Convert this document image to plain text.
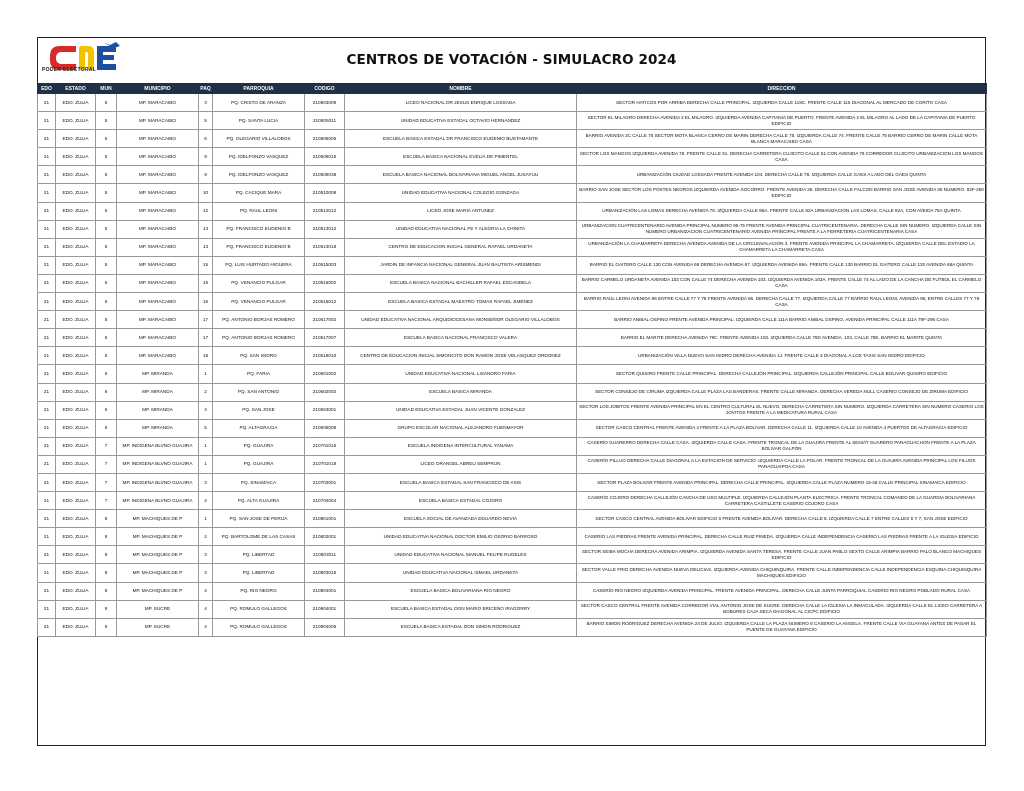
PODER ELECTORAL
CENTROS DE VOTACIÓN - SIMULACRO 2024
EDO	ESTADO	MUN	MUNICIPIO	PAQ	PARROQUIA	CODIGO	NOMBRE	DIRECCION
21	EDO. ZULIA	5	MP. MARACAIBO	3	PQ. CRISTO DE ARANZA	210503009	LICEO NACIONAL DR JESUS ENRIQUE LOSSADA	SECTOR HATICOS POR ARRIBA DERECHA CALLE PRINCIPAL. IZQUIERDA CALLE 119C. FRENTE CALLE 115 DIAGONAL AL MERCADO DE CORITO CASA
21	EDO. ZULIA	5	MP. MARACAIBO	5	PQ. SANTA LUCIA	210505011	UNIDAD EDUCATIVA ESTADAL OCTAVIO HERNANDEZ	SECTOR EL MILAGRO DERECHA AVENIDA 2 EL MILAGRO. IZQUIERDA AVENIDA CAPITANIA DE PUERTO. FRENTE AVENIDA 2 EL MILAGRO AL LADO DE LA CAPITANIA DE PUERTO EDIFICIO
21	EDO. ZULIA	5	MP. MARACAIBO	6	PQ. OLEGARIO VILLALOBOS	210506006	ESCUELA BASICA ESTADAL DR FRANCISCO EUGENIO BUSTAMANTE	BARRIO AVENIDA 2C CALLE 75 SECTOR MOTA BLANCA CERRO DE MARIN DERECHA CALLE 76. IZQUIERDA CALLE 74. FRENTE CALLE 75 BARRIO CERRO DE MARIN CALLE MOTA BLANCA MARACAIBO CASA
21	EDO. ZULIA	5	MP. MARACAIBO	9	PQ. IDELFONZO VASQUEZ	210509015	ESCUELA BASICA NACIONAL EVELIA DE PIMENTEL	SECTOR LOS MANGOS IZQUIERDA AVENIDA 78. FRENTE CALLE 51. DERECHA CARRETERA CUJICITO CALLE 51 CON AVENIDA 78 CORREDOR CUJICITO URBANIZACION LOS MANGOS CASA
21	EDO. ZULIA	5	MP. MARACAIBO	9	PQ. IDELFONZO VASQUEZ	210509038	ESCUELA BASICA NACIONAL BOLIVARIANA MIGUEL ANGEL JUSAYUU	URBANIZACIÓN CIUDAD LOSSADA FRENTE AVENIDA 104. DERECHA CALLE 78. IZQUIERDA CALLE GAES A LADO DEL GAES QUINTA
21	EDO. ZULIA	5	MP. MARACAIBO	10	PQ. CACIQUE MARA	210510008	UNIDAD EDUCATIVA NACIONAL COLEGIO GONZAGA	BARRIO SAN JOSE SECTOR LOS POSTES NEGROS IZQUIERDA AVENIDA SOCORRO. FRENTE AVENIDA 35. DERECHA CALLE FALCON BARRIO SAN JOSE AVENIDA 35 NUMERO. 92F-250 EDIFICIO
21	EDO. ZULIA	5	MP. MARACAIBO	12	PQ. RAUL LEONI	210512012	LICEO JOSE MARIA ANTUNEZ	URBANIZACIÓN LAS LOMAS DERECHA AVENIDA 76. IZQUIERDA CALLE 85A. FRENTE CALLE 82A URBANIZACION LAS LOMAS, CALLE 82A, CON AVEIDA 75A QUINTA
21	EDO. ZULIA	5	MP. MARACAIBO	13	PQ. FRANCISCO EUGENIO B	210513012	UNIDAD EDUCATIVA NACIONAL FE Y ALEGRIA LA CHINITA	URBANIZACION CUATRICENTENARIO AVENIDA PRINCIPAL NUMERO 95-75 FRENTE AVENIDA PRINCIPAL CUATRICENTENARIA. DERECHA CALLE SIN NUMERO. IZQUIERDA CALLE SIN NUMERO URBANIZACION CUATRICENTENARIO AVENIDA PRINCIPAL FRENTE A LA FERRETERIA CUATRICENTENARIA CASA
21	EDO. ZULIA	5	MP. MARACAIBO	13	PQ. FRANCISCO EUGENIO B	210513018	CENTRO DE EDUCACION INICIAL GENERAL RAFAEL URDANETA	URBANIZACIÓN LA CHAMARRETA DERECHA AVENIDA AVENIDA DE LA CIRCUNVALACION 3. FRENTE AVENIDA PRINCIPAL LA CHAMARRETA. IZQUIERDA CALLE DEL ESTADIO LA CHAMARRETA LA CHAMARRETA CASA
21	EDO. ZULIA	5	MP. MARACAIBO	15	PQ. LUIS HURTADO HIGUERA	210515003	JARDIN DE INFANCIA NACIONAL GENERAL JUAN BAUTISTA ARISMENDI	BARRIO EL GAITERO CALLE 130 CON AVENIDA 68 DERECHA AVENIDA 67. IZQUIERDA AVENIDA 68A. FRENTE CALLE 130 BARRIO EL GAITERO CALLE 130 AVENIDA 68A QUINTA
21	EDO. ZULIA	5	MP. MARACAIBO	16	PQ. VENANCIO PULGAR	210516002	ESCUELA BASICA NACIONAL BACHILLER RAFAEL ESCANDELA	BARRIO CARMELO URDANETA AVENIDA 103 CON CALLE 74 DERECHA AVENIDA 103. IZQUIERDA AVENIDA 103A. FRENTE CALLE 74 AL LADO DE LA CANCHA DE FUTBOL EL CARMELO CASA
21	EDO. ZULIA	5	MP. MARACAIBO	16	PQ. VENANCIO PULGAR	210516012	ESCUELA BASICA ESTADAL MAESTRO TOMAS RAFAEL JIMENEZ	BARRIO RAUL LEONI AVENIDA 96 ENTRE CALLE 77 Y 78 FRENTE AVENIDA 96. DERECHA CALLE 77. IZQUIERDA CALLE 77 BARRIO RAUL LEONI, AVENIDA 96, ENTRE CALLES 77 Y 78 CASA
21	EDO. ZULIA	5	MP. MARACAIBO	17	PQ. ANTONIO BORJAS ROMERO	210517002	UNIDAD EDUCATIVA NACIONAL ARQUIDIOCESANA MONSEÑOR OLEGARIO VILLALOBOS	BARRIO ANIBAL OSPINO FRENTE AVENIDA PRINCIPAL. IZQUIERDA CALLE 111A BARRIO ANIBAL OSPINO, AVENIDA PRINCIPAL CALLE 111A 79F-295 CASA
21	EDO. ZULIA	5	MP. MARACAIBO	17	PQ. ANTONIO BORJAS ROMERO	210517007	ESCUELA BASICA NACIONAL FRANCISCO VALERA	BARRIO EL MARITE DERECHA AVENIDA 79C. FRENTE AVENIDA 103. IZQUIERDA CALLE 79D AVENIDA. 103, CALLE 79E, BARRIO EL MARITE QUINTA
21	EDO. ZULIA	5	MP. MARACAIBO	18	PQ. SAN ISIDRO	210518010	CENTRO DE EDUCACION INICIAL SIMONCITO DON RAMON JOSE VELASQUEZ ORDONEZ	URBANIZACIÓN VILLA NUEVO SAN ISIDRO DERECHA AVENIDA 1J. FRENTE CALLE 3 DIAGONAL A LOS TAXIS SAN ISIDRO EDIFICIO
21	EDO. ZULIA	6	MP. MIRANDA	1	PQ. FARIA	210601002	UNIDAD EDUCATIVA NACIONAL LISANDRO FARIA	SECTOR QUISIRO FRENTE CALLE PRINCIPAL. DERECHA CALLEJÓN PRINCIPAL. IZQUIERDA CALLEJÓN PRINCIPAL CALLE BOLIVAR QUISIRO EDIFICIO
21	EDO. ZULIA	6	MP. MIRANDA	2	PQ. SAN ANTONIO	210602002	ESCUELA BASICA MIRANDA	SECTOR CONSEJO DE CIRUMA IZQUIERDA CALLE PLAZA LAS BANDERAS. FRENTE CALLE MIRANDA. DERECHA VEREDA NULL CASERIO CONSEJO DE ZIRUMA EDIFICIO
21	EDO. ZULIA	6	MP. MIRANDA	4	PQ. SAN JOSE	210604001	UNIDAD EDUCATIVA ESTADAL JUAN VICENTE GONZALEZ	SECTOR LOS JOBITOS FRENTE AVENIDA PRINCIPAL EN EL CENTRO CULTURAL EL NUEVO. DERECHA CARRETERA SIN NUMERO. IZQUIERDA CARRETERA SIN NUMERO CASERIO LOS JOVITOS FRENTE A LA MEDICATURA RURAL CASA
21	EDO. ZULIA	6	MP. MIRANDA	5	PQ. ALTAGRACIA	210605008	GRUPO ESCOLAR NACIONAL ALEJANDRO FUENMAYOR	SECTOR CASCO CENTRAL FRENTE AVENIDA 4 FRENTE A LA PLAZA BOLIVAR. DERECHA CALLE 11. IZQUIERDA CALLE 10 AVENIDA 4 PUERTOS DE ALTAGRACIA EDIFICIO
21	EDO. ZULIA	7	MP. INDIGENA BLVNO GUAJIRA	1	PQ. GUAJIRA	210701015	ESCUELA INDIGENA INTERCULTURAL YANAMA	CASERÍO GUARERRO DERECHA CALLE CASA. IZQUIERDA CALLE CASA. FRENTE TRONCAL DE LA GUAJIRA FRENTE AL SENIAT GUARERO PARAGUACHON FRENTE A LA PLAZA BOLIVAR GALPÓN
21	EDO. ZULIA	7	MP. INDIGENA BLVNO GUAJIRA	1	PQ. GUAJIRA	210701018	LICEO ORANGEL ABREU SEMPRUN	CASERÍO PILLUO DERECHA CALLE DIAGONAL A LA ESTACION DE SERVICIO. IZQUIERDA CALLE LA POLAR. FRENTE TRONCAL DE LA GUAJIRA AVENIDA PRINCIPAL LOS FILUOS PARAGUAIPOA CASA
21	EDO. ZULIA	7	MP. INDIGENA BLVNO GUAJIRA	3	PQ. SINAMAICA	210703001	ESCUELA BASICA ESTADAL SAN FRANCISCO DE ASIS	SECTOR PLAZA BOLIVAR FRENTE AVENIDA PRINCIPAL. DERECHA CALLE PRINCIPAL. IZQUIERDA CALLE PLAZA NUMERO 16-48 CALLE PRINCIPAL SINAMAICA EDIFICIO
21	EDO. ZULIA	7	MP. INDIGENA BLVNO GUAJIRA	4	PQ. ALTA GUAJIRA	210704004	ESCUELA BASICA ESTADAL COJORO	CASERÍO COJORO DERECHA CALLEJÓN CANCHA DE USO MULTIPLE. IZQUIERDA CALLEJÓN PLANTA ELECTRICA. FRENTE TRONCAL COMANDO DE LA GUARDIA BOLIVARIANA CARRETERA CASTILLETE CASERIO COJORO CASA
21	EDO. ZULIA	8	MP. MACHIQUES DE P	1	PQ. SAN JOSE DE PERIJA	210801001	ESCUELA SOCIAL DE AVANZADA EDUARDO NEVIA	SECTOR CASCO CENTRAL AVENIDA BOLIVAR EDIFICIO 6 FRENTE AVENIDA BOLIVAR. DERECHA CALLE 8. IZQUIERDA CALLE 7 ENTRE CALLES 6 Y 7, SAN JOSE EDIFICIO
21	EDO. ZULIA	8	MP. MACHIQUES DE P	2	PQ. BARTOLOME DE LAS CASAS	210802001	UNIDAD EDUCATIVA NACIONAL DOCTOR EMILIO OSORIO BARROSO	CASERÍO LAS PIEDRAS FRENTE AVENIDA PRINCIPAL. DERECHA CALLE RUIZ PINEDA. IZQUIERDA CALLE INDEPENDENCIA CASERIO LAS PIEDRAS FRENTE A LA IGLESIA EDIFICIO
21	EDO. ZULIA	8	MP. MACHIQUES DE P	3	PQ. LIBERTAD	210803011	UNIDAD EDUCATIVA NACIONAL MANUEL FELIPE RUGELES	SECTOR SEIBA MOCHA DERECHA AVENIDA ARIMPIA. IZQUIERDA AVENIDA SANTA TERESA. FRENTE CALLE JUAN PABLO SEXTO CALLE ARIMPIA BARRIO PALO BLANCO MACHIQUES EDIFICIO
21	EDO. ZULIA	8	MP. MACHIQUES DE P	3	PQ. LIBERTAD	210803015	UNIDAD EDUCATIVA NACIONAL ISMAEL URDANETA	SECTOR VALLE FRIO DERECHA AVENIDA NUEVA DELICIAS. IZQUIERDA AVENIDA CHIQUINQUIRA. FRENTE CALLE INDEPENDENCIA CALLE INDEPENDENCIA ESQUINA CHIQUINQUIRA MACHIQUES EDIFICIO
21	EDO. ZULIA	8	MP. MACHIQUES DE P	4	PQ. RIO NEGRO	210804001	ESCUELA BASICA BOLIVARIANA RIO NEGRO	CASERÍO RIO NEGRO IZQUIERDA AVENIDA PRINCIPAL. FRENTE AVENIDA PRINCIPAL. DERECHA CALLE JUNTA PARROQUIAL CASERIO RIO NEGRO POBLADO RURAL CASA
21	EDO. ZULIA	9	MP. SUCRE	4	PQ. ROMULO GALLEGOS	210904001	ESCUELA BASICA ESTADAL DON MARIO BRICEÑO IRAGORRY	SECTOR CASCO CENTRAL FRENTE AVENIDA CORREDOR VIAL ANTONIO JOSE DE SUCRE. DERECHA CALLE LA IGLESIA LA INMACULADA. IZQUIERDA CALLE EL LICEO CARRETERA A BOBURES CAJA SECA DIAGONAL AL CICPC EDIFICIO
21	EDO. ZULIA	9	MP. SUCRE	4	PQ. ROMULO GALLEGOS	210904005	ESCUELA BASICA ESTADAL DON SIMON RODRIGUEZ	BARRIO SIMON RODRIGUEZ DERECHA AVENIDA 24 DE JULIO. IZQUIERDA CALLE LA PLAZA NUMERO 8 CASERIO LA ANGELA. FRENTE CALLE VIA GUAYANA ANTES DE PASAR EL PUENTE DE GUAYANA EDIFICIO
